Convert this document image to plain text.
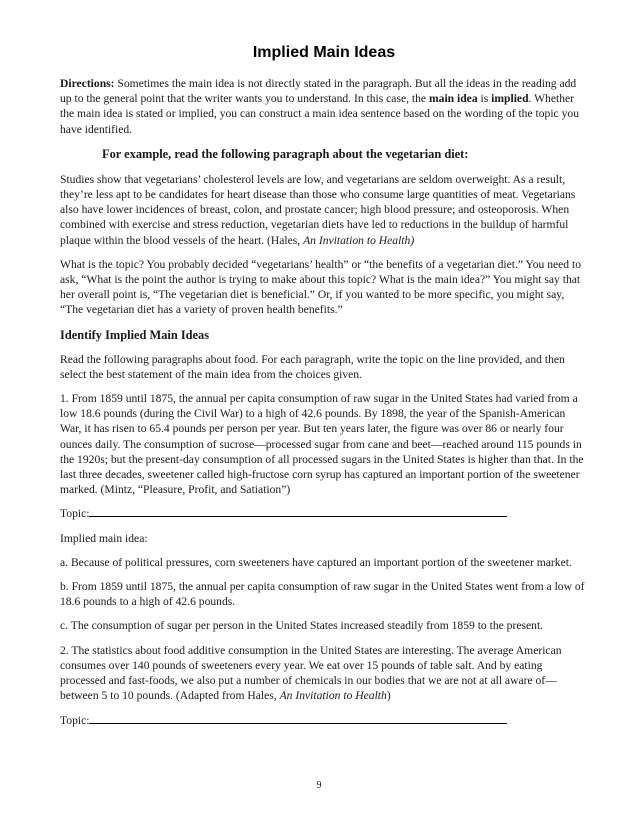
Implied Main Ideas

Directions: Sometimes the main idea is not directly stated in the paragraph. But all the ideas in the reading add up to the general point that the writer wants you to understand. In this case, the main idea is implied. Whether the main idea is stated or implied, you can construct a main idea sentence based on the wording of the topic you have identified.

For example, read the following paragraph about the vegetarian diet:

Studies show that vegetarians’ cholesterol levels are low, and vegetarians are seldom overweight. As a result, they’re less apt to be candidates for heart disease than those who consume large quantities of meat. Vegetarians also have lower incidences of breast, colon, and prostate cancer; high blood pressure; and osteoporosis. When combined with exercise and stress reduction, vegetarian diets have led to reductions in the buildup of harmful plaque within the blood vessels of the heart. (Hales, An Invitation to Health)

What is the topic? You probably decided “vegetarians’ health” or “the benefits of a vegetarian diet.” You need to ask, “What is the point the author is trying to make about this topic? What is the main idea?” You might say that her overall point is, “The vegetarian diet is beneficial.” Or, if you wanted to be more specific, you might say, “The vegetarian diet has a variety of proven health benefits.”

Identify Implied Main Ideas

Read the following paragraphs about food. For each paragraph, write the topic on the line provided, and then select the best statement of the main idea from the choices given.

1. From 1859 until 1875, the annual per capita consumption of raw sugar in the United States had varied from a low 18.6 pounds (during the Civil War) to a high of 42.6 pounds. By 1898, the year of the Spanish-American War, it has risen to 65.4 pounds per person per year. But ten years later, the figure was over 86 or nearly four ounces daily. The consumption of sucrose—processed sugar from cane and beet—reached around 115 pounds in the 1920s; but the present-day consumption of all processed sugars in the United States is higher than that. In the last three decades, sweetener called high-fructose corn syrup has captured an important portion of the sweetener marked. (Mintz, “Pleasure, Profit, and Satiation”)

Topic:

Implied main idea:

a. Because of political pressures, corn sweeteners have captured an important portion of the sweetener market.

b. From 1859 until 1875, the annual per capita consumption of raw sugar in the United States went from a low of 18.6 pounds to a high of 42.6 pounds.

c. The consumption of sugar per person in the United States increased steadily from 1859 to the present.

2. The statistics about food additive consumption in the United States are interesting. The average American consumes over 140 pounds of sweeteners every year. We eat over 15 pounds of table salt. And by eating processed and fast-foods, we also put a number of chemicals in our bodies that we are not at all aware of—between 5 to 10 pounds. (Adapted from Hales, An Invitation to Health)

Topic:

9
